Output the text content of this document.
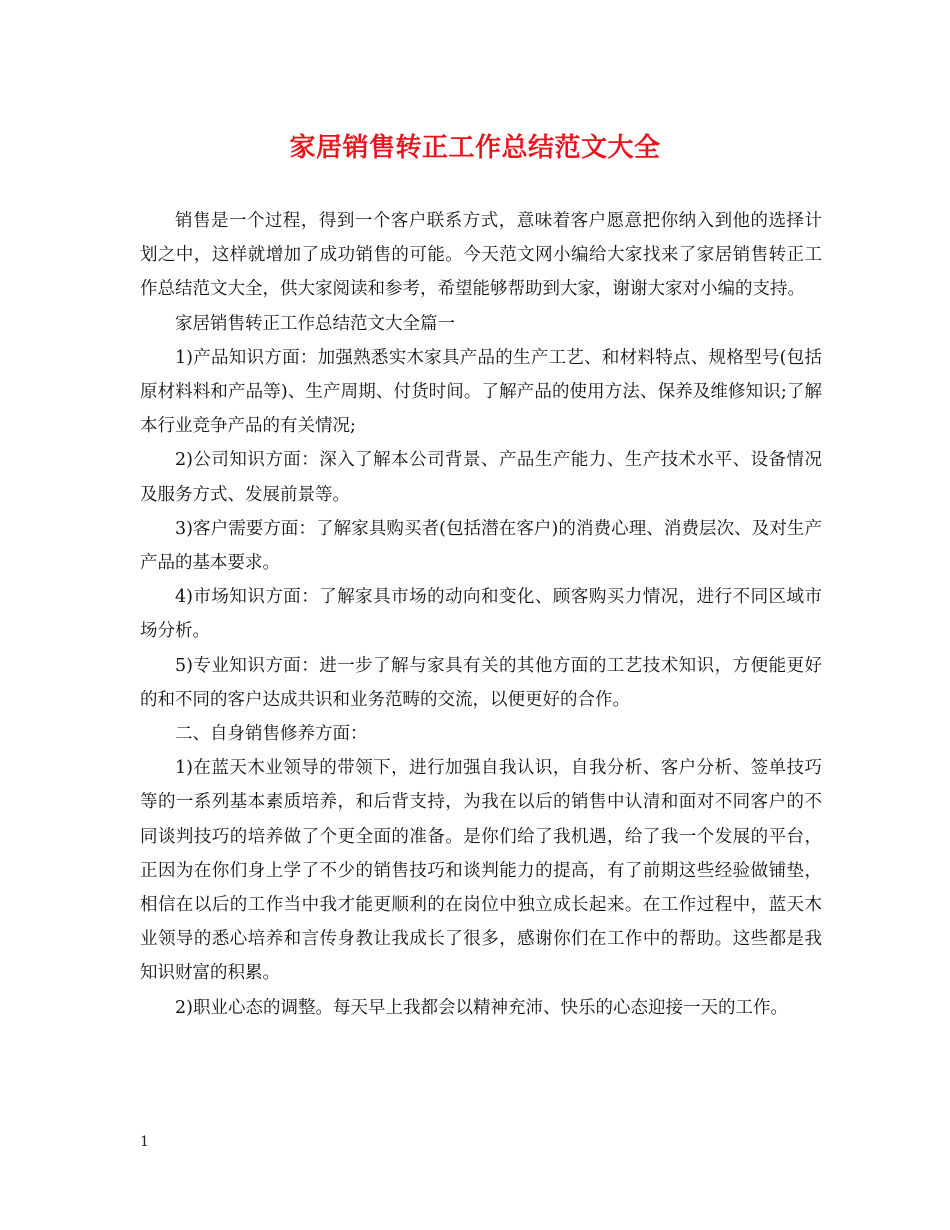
家居销售转正工作总结范文大全

销售是一个过程，得到一个客户联系方式，意味着客户愿意把你纳入到他的选择计划之中，这样就增加了成功销售的可能。今天范文网小编给大家找来了家居销售转正工作总结范文大全，供大家阅读和参考，希望能够帮助到大家，谢谢大家对小编的支持。

家居销售转正工作总结范文大全篇一

1)产品知识方面：加强熟悉实木家具产品的生产工艺、和材料特点、规格型号(包括原材料料和产品等)、生产周期、付货时间。了解产品的使用方法、保养及维修知识;了解本行业竞争产品的有关情况;

2)公司知识方面：深入了解本公司背景、产品生产能力、生产技术水平、设备情况及服务方式、发展前景等。

3)客户需要方面：了解家具购买者(包括潜在客户)的消费心理、消费层次、及对生产产品的基本要求。

4)市场知识方面：了解家具市场的动向和变化、顾客购买力情况，进行不同区域市场分析。

5)专业知识方面：进一步了解与家具有关的其他方面的工艺技术知识，方便能更好的和不同的客户达成共识和业务范畴的交流，以便更好的合作。

二、自身销售修养方面：

1)在蓝天木业领导的带领下，进行加强自我认识，自我分析、客户分析、签单技巧等的一系列基本素质培养，和后背支持，为我在以后的销售中认清和面对不同客户的不同谈判技巧的培养做了个更全面的准备。是你们给了我机遇，给了我一个发展的平台，正因为在你们身上学了不少的销售技巧和谈判能力的提高，有了前期这些经验做铺垫，相信在以后的工作当中我才能更顺利的在岗位中独立成长起来。在工作过程中，蓝天木业领导的悉心培养和言传身教让我成长了很多，感谢你们在工作中的帮助。这些都是我知识财富的积累。

2)职业心态的调整。每天早上我都会以精神充沛、快乐的心态迎接一天的工作。

1
